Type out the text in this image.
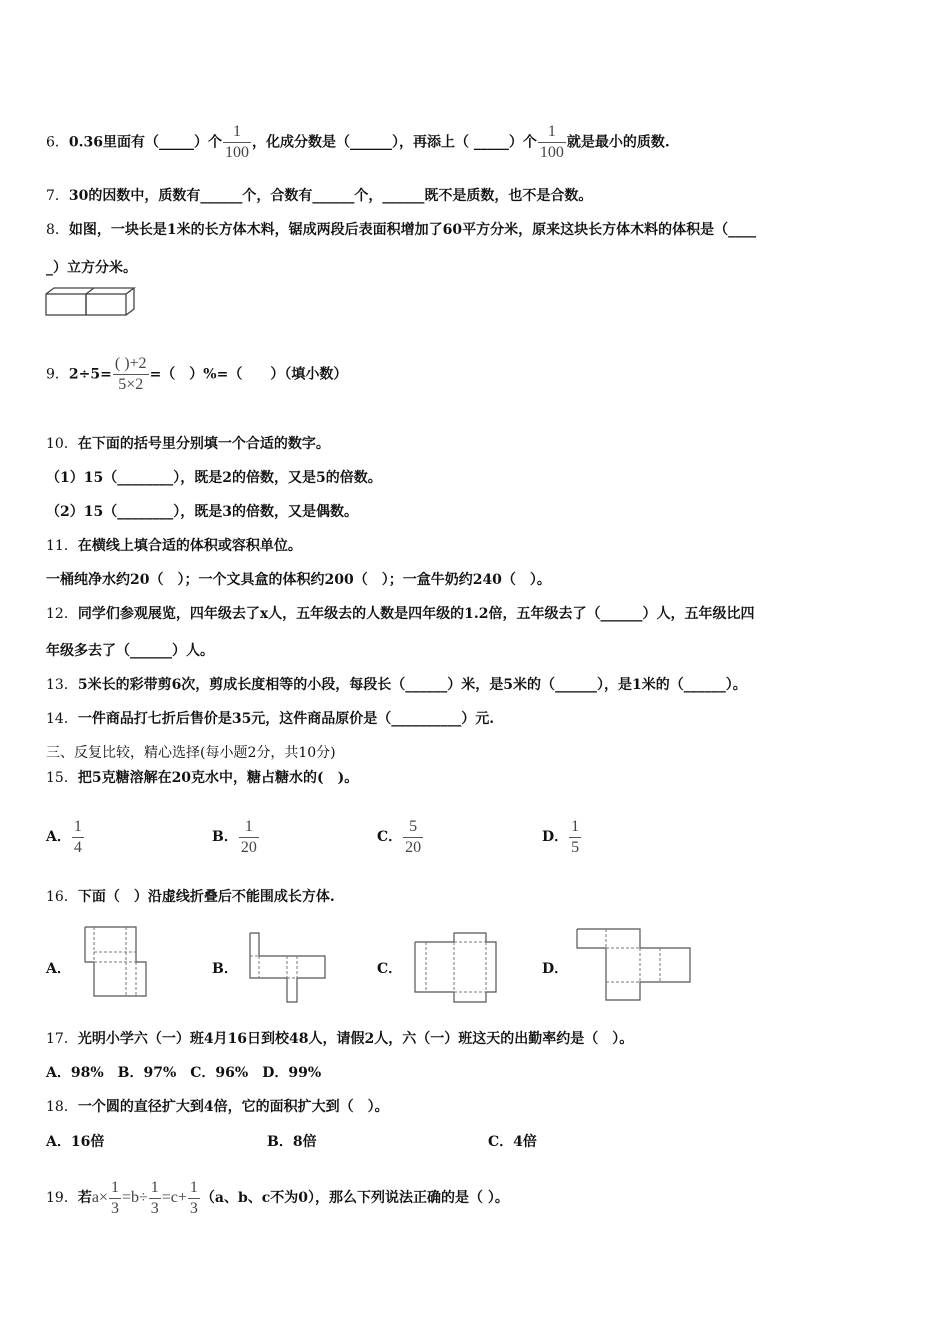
6．0.36里面有（_____）个 $\frac{1}{100}$ ，化成分数是（______），再添上（ _____）个 $\frac{1}{100}$ 就是最小的质数.
7．30的因数中，质数有______个，合数有______个，______既不是质数，也不是合数。
8．如图，一块长是1米的长方体木料，锯成两段后表面积增加了60平方分米，原来这块长方体木料的体积是（____
_）立方分米。
9．$2\div 5= \frac{( )+2}{5\times 2}$ =（　）%=（　　）（填小数）
10．在下面的括号里分别填一个合适的数字。
（1）15（________），既是2的倍数，又是5的倍数。
（2）15（________），既是3的倍数，又是偶数。
11．在横线上填合适的体积或容积单位。
一桶纯净水约20（　）；一个文具盒的体积约200（　）；一盒牛奶约240（　）。
12．同学们参观展览，四年级去了x人，五年级去的人数是四年级的1.2倍，五年级去了（______）人，五年级比四
年级多去了（______）人。
13．5米长的彩带剪6次，剪成长度相等的小段，每段长（______）米，是5米的（______），是1米的（______）。
14．一件商品打七折后售价是35元，这件商品原价是（__________）元.
三、反复比较，精心选择(每小题2分，共10分)
15．把5克糖溶解在20克水中，糖占糖水的(　)。
A． $\frac{1}{4}$	B． $\frac{1}{20}$	C． $\frac{5}{20}$	D． $\frac{1}{5}$
16．下面（　）沿虚线折叠后不能围成长方体.
A．	B．	C．	D．
17．光明小学六（一）班4月16日到校48人，请假2人，六（一）班这天的出勤率约是（　）。
A．98%　B．97%　C．96%　D．99%
18．一个圆的直径扩大到4倍，它的面积扩大到（　）。
A．16倍	B．8倍	C．4倍
19．若$a\times \frac{1}{3} =b\div \frac{1}{3} =c+ \frac{1}{3} (a$、b、c不为0），那么下列说法正确的是（ ）。
